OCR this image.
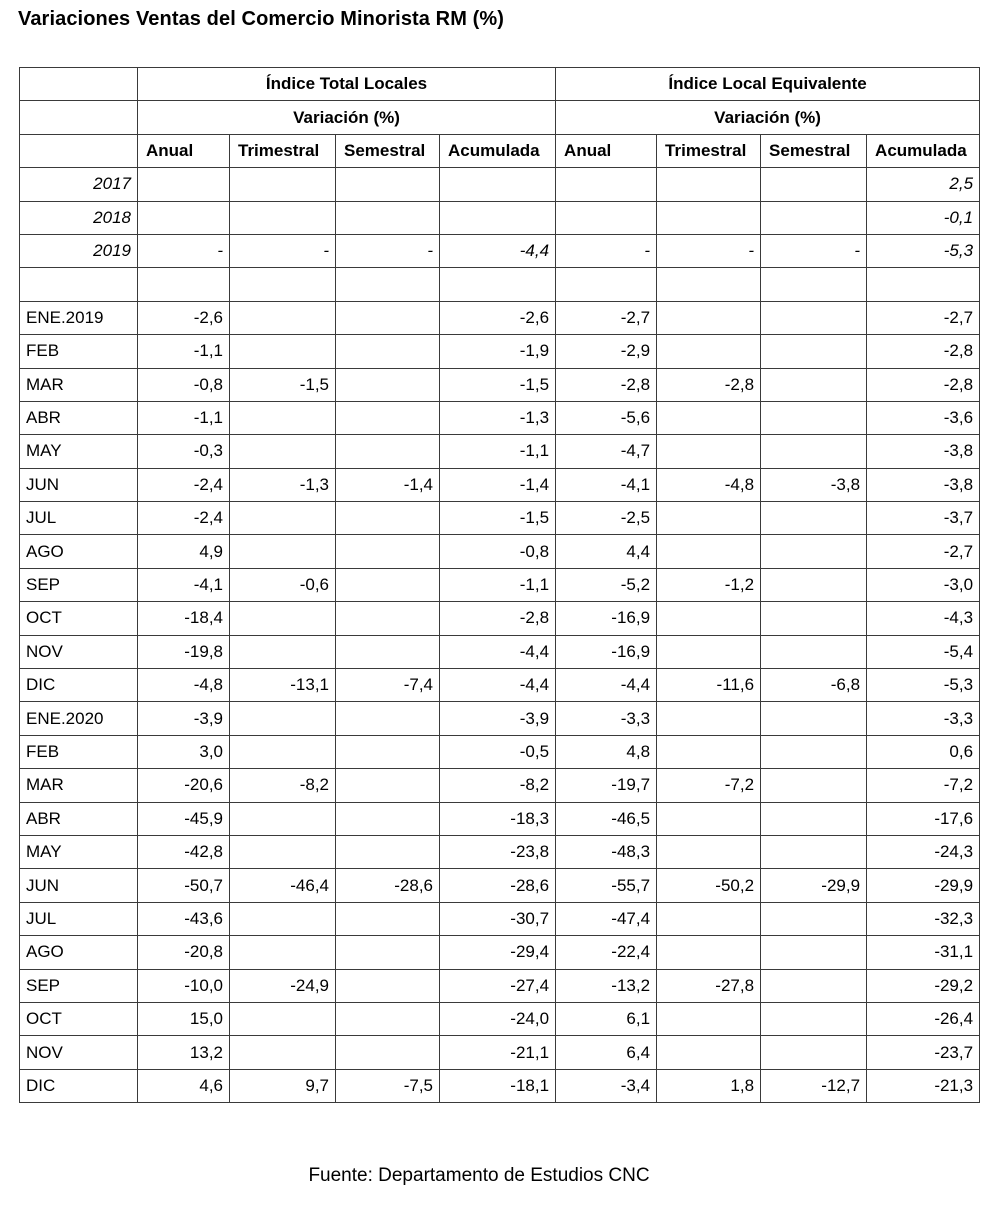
Variaciones Ventas del Comercio Minorista RM (%)
	Índice Total Locales				Índice Local Equivalente			
	Variación (%)				Variación (%)			
	Anual	Trimestral	Semestral	Acumulada	Anual	Trimestral	Semestral	Acumulada
2017								2,5
2018								-0,1
2019	-	-	-	-4,4	-	-	-	-5,3

ENE.2019	-2,6			-2,6	-2,7			-2,7
FEB	-1,1			-1,9	-2,9			-2,8
MAR	-0,8	-1,5		-1,5	-2,8	-2,8		-2,8
ABR	-1,1			-1,3	-5,6			-3,6
MAY	-0,3			-1,1	-4,7			-3,8
JUN	-2,4	-1,3	-1,4	-1,4	-4,1	-4,8	-3,8	-3,8
JUL	-2,4			-1,5	-2,5			-3,7
AGO	4,9			-0,8	4,4			-2,7
SEP	-4,1	-0,6		-1,1	-5,2	-1,2		-3,0
OCT	-18,4			-2,8	-16,9			-4,3
NOV	-19,8			-4,4	-16,9			-5,4
DIC	-4,8	-13,1	-7,4	-4,4	-4,4	-11,6	-6,8	-5,3
ENE.2020	-3,9			-3,9	-3,3			-3,3
FEB	3,0			-0,5	4,8			0,6
MAR	-20,6	-8,2		-8,2	-19,7	-7,2		-7,2
ABR	-45,9			-18,3	-46,5			-17,6
MAY	-42,8			-23,8	-48,3			-24,3
JUN	-50,7	-46,4	-28,6	-28,6	-55,7	-50,2	-29,9	-29,9
JUL	-43,6			-30,7	-47,4			-32,3
AGO	-20,8			-29,4	-22,4			-31,1
SEP	-10,0	-24,9		-27,4	-13,2	-27,8		-29,2
OCT	15,0			-24,0	6,1			-26,4
NOV	13,2			-21,1	6,4			-23,7
DIC	4,6	9,7	-7,5	-18,1	-3,4	1,8	-12,7	-21,3
Fuente: Departamento de Estudios CNC
